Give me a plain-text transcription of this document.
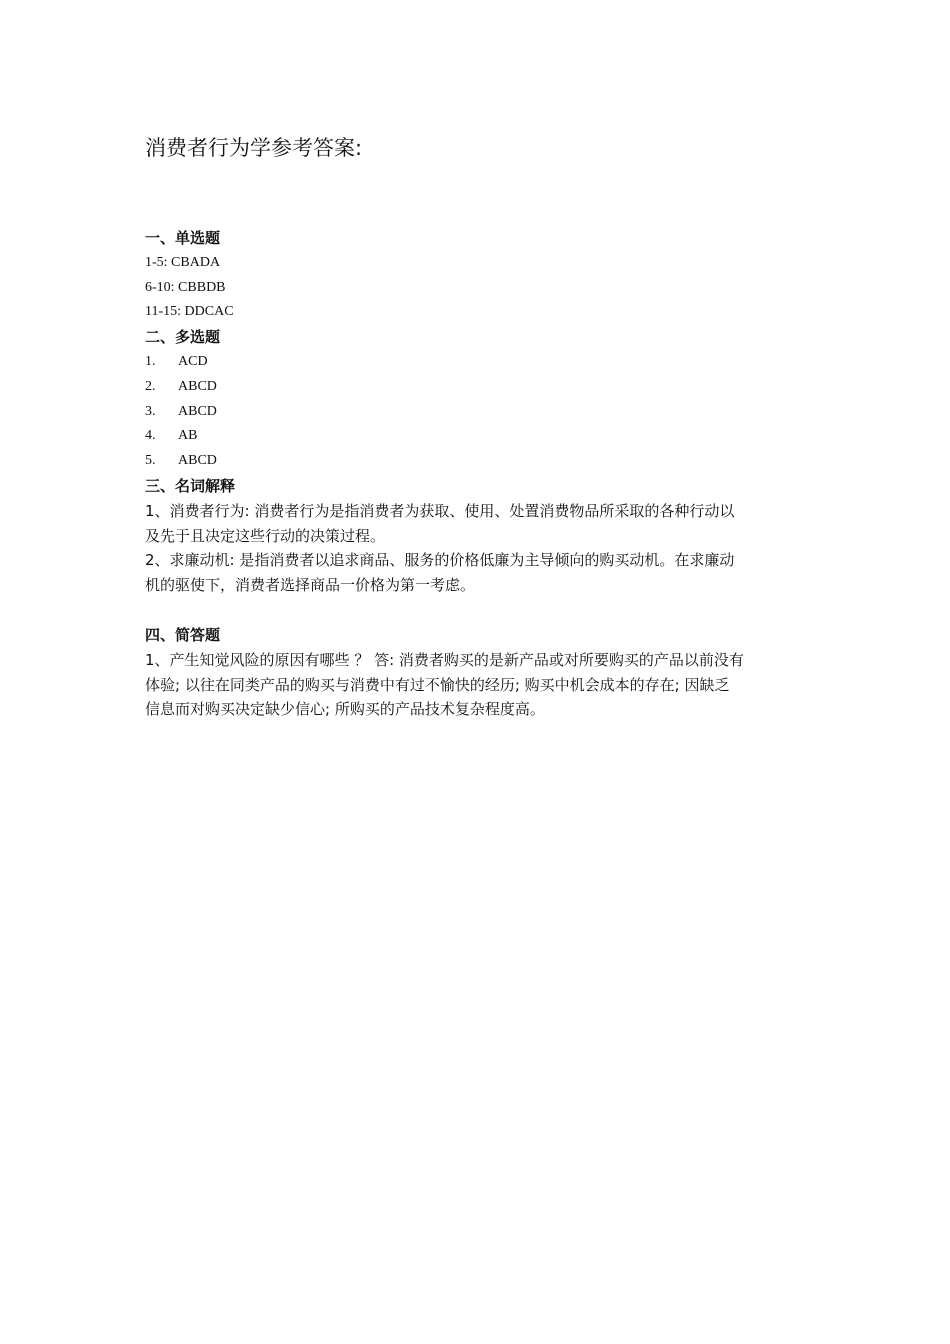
消费者行为学参考答案:
一、单选题
1-5: CBADA
6-10: CBBDB
11-15: DDCAC
二、多选题
1. ACD
2. ABCD
3. ABCD
4. AB
5. ABCD
三、名词解释
1、消费者行为: 消费者行为是指消费者为获取、使用、处置消费物品所采取的各种行动以
及先于且决定这些行动的决策过程。
2、求廉动机: 是指消费者以追求商品、服务的价格低廉为主导倾向的购买动机。在求廉动
机的驱使下，消费者选择商品一价格为第一考虑。
四、简答题
1、产生知觉风险的原因有哪些 ？ 答: 消费者购买的是新产品或对所要购买的产品以前没有
体验; 以往在同类产品的购买与消费中有过不愉快的经历; 购买中机会成本的存在; 因缺乏
信息而对购买决定缺少信心; 所购买的产品技术复杂程度高。
